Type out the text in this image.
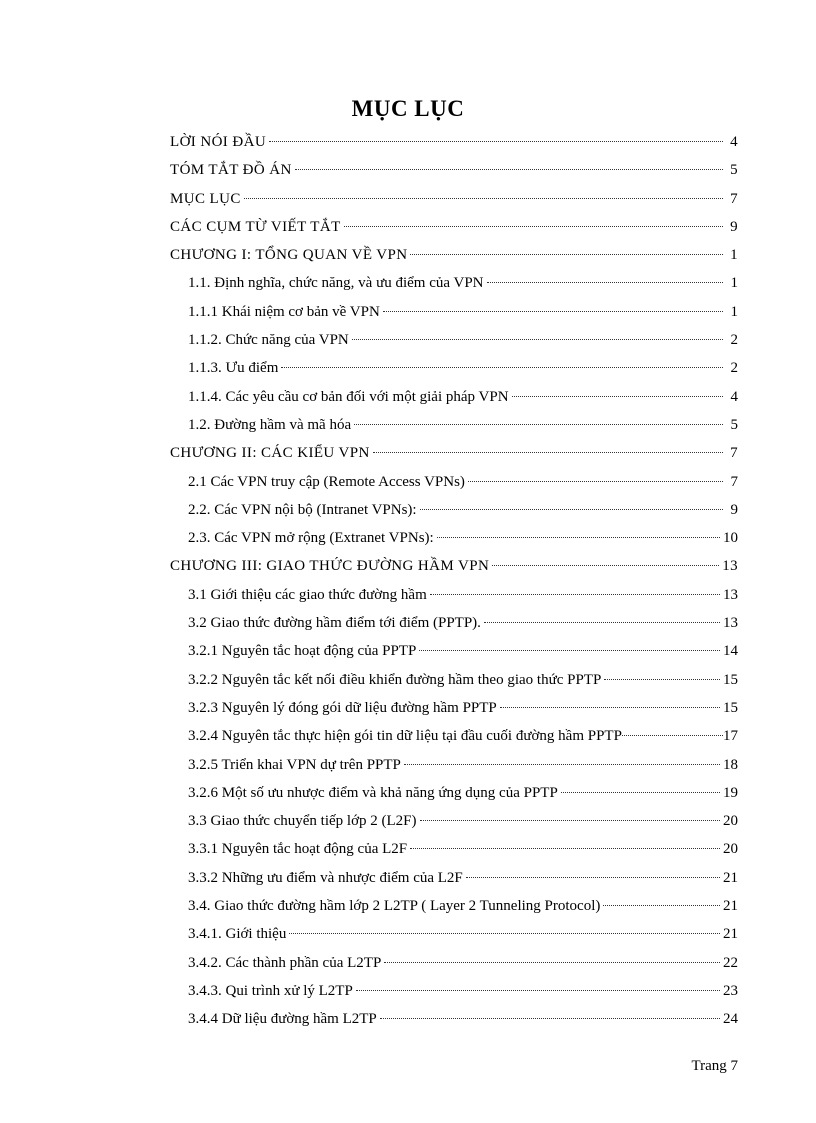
MỤC LỤC
LỜI NÓI ĐẦU	4
TÓM TẮT ĐỒ ÁN	5
MỤC LỤC	7
CÁC CỤM TỪ VIẾT TẮT	9
CHƯƠNG I: TỔNG QUAN VỀ VPN	1
1.1. Định nghĩa, chức năng, và ưu điểm của VPN	1
1.1.1 Khái niệm cơ bản về VPN	1
1.1.2. Chức năng của VPN	2
1.1.3. Ưu điểm	2
1.1.4. Các yêu cầu cơ bản đối với một giải pháp VPN	4
1.2. Đường hầm và mã hóa	5
CHƯƠNG II: CÁC KIỂU VPN	7
2.1 Các VPN truy cập (Remote Access VPNs)	7
2.2. Các VPN nội bộ (Intranet VPNs):	9
2.3. Các VPN mở rộng (Extranet VPNs):	10
CHƯƠNG III: GIAO THỨC ĐƯỜNG HẦM VPN	13
3.1 Giới thiệu các giao thức đường hầm	13
3.2 Giao thức đường hầm điểm tới điểm (PPTP).	13
3.2.1 Nguyên tắc hoạt động của PPTP	14
3.2.2 Nguyên tắc kết nối điều khiển đường hầm theo giao thức PPTP	15
3.2.3 Nguyên lý đóng gói dữ liệu đường hầm PPTP	15
3.2.4 Nguyên tắc thực hiện gói tin dữ liệu tại đầu cuối đường hầm PPTP	17
3.2.5 Triển khai VPN dự trên PPTP	18
3.2.6 Một số ưu nhược điểm và khả năng ứng dụng của PPTP	19
3.3 Giao thức chuyển tiếp lớp 2 (L2F)	20
3.3.1 Nguyên tắc hoạt động của L2F	20
3.3.2 Những ưu điểm và nhược điểm của L2F	21
3.4. Giao thức đường hầm lớp 2 L2TP ( Layer 2 Tunneling Protocol)	21
3.4.1. Giới thiệu	21
3.4.2. Các thành phần của L2TP	22
3.4.3. Qui trình xử lý L2TP	23
3.4.4 Dữ liệu đường hầm L2TP	24
Trang 7
